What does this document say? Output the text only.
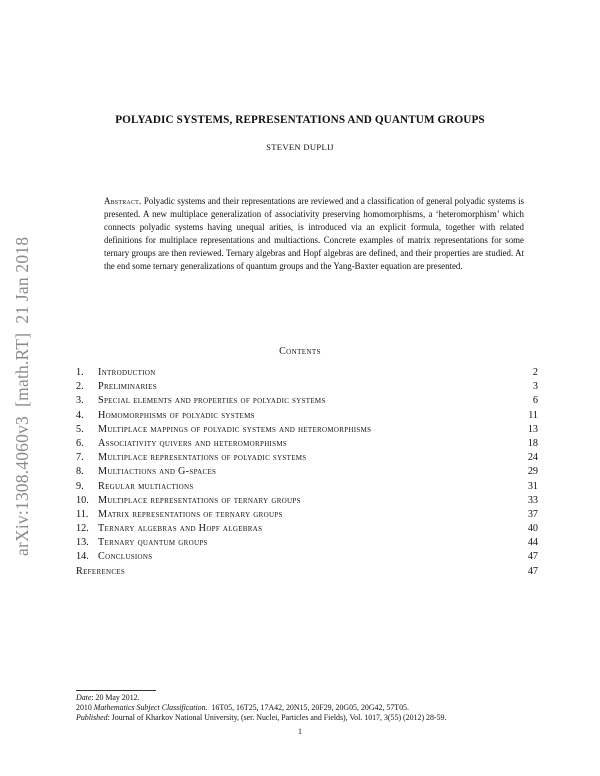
arXiv:1308.4060v3  [math.RT]  21 Jan 2018
POLYADIC SYSTEMS, REPRESENTATIONS AND QUANTUM GROUPS
STEVEN DUPLIJ
Abstract. Polyadic systems and their representations are reviewed and a classification of general polyadic systems is presented. A new multiplace generalization of associativity preserving homomorphisms, a ‘heteromorphism’ which connects polyadic systems having unequal arities, is introduced via an explicit formula, together with related definitions for multiplace representations and multiactions. Concrete examples of matrix representations for some ternary groups are then reviewed. Ternary algebras and Hopf algebras are defined, and their properties are studied. At the end some ternary generalizations of quantum groups and the Yang-Baxter equation are presented.
Contents
1. Introduction	2
2. Preliminaries	3
3. Special elements and properties of polyadic systems	6
4. Homomorphisms of polyadic systems	11
5. Multiplace mappings of polyadic systems and heteromorphisms	13
6. Associativity quivers and heteromorphisms	18
7. Multiplace representations of polyadic systems	24
8. Multiactions and G-spaces	29
9. Regular multiactions	31
10. Multiplace representations of ternary groups	33
11. Matrix representations of ternary groups	37
12. Ternary algebras and Hopf algebras	40
13. Ternary quantum groups	44
14. Conclusions	47
References	47
Date: 20 May 2012.
2010 Mathematics Subject Classification. 16T05, 16T25, 17A42, 20N15, 20F29, 20G05, 20G42, 57T05.
Published: Journal of Kharkov National University, (ser. Nuclei, Particles and Fields), Vol. 1017, 3(55) (2012) 28-59.
1
